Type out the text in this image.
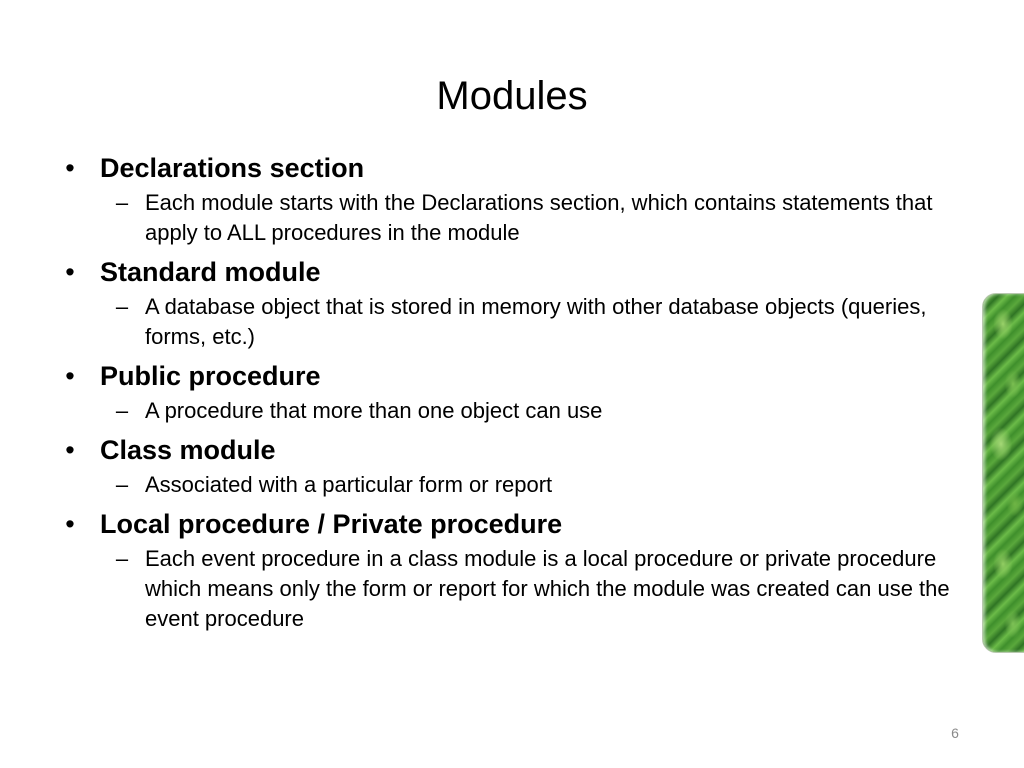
Modules
• Declarations section
– Each module starts with the Declarations section, which contains statements that apply to ALL procedures in the module
• Standard module
– A database object that is stored in memory with other database objects (queries, forms, etc.)
• Public procedure
– A procedure that more than one object can use
• Class module
– Associated with a particular form or report
• Local procedure / Private procedure
– Each event procedure in a class module is a local procedure or private procedure which means only the form or report for which the module was created can use the event procedure
6
